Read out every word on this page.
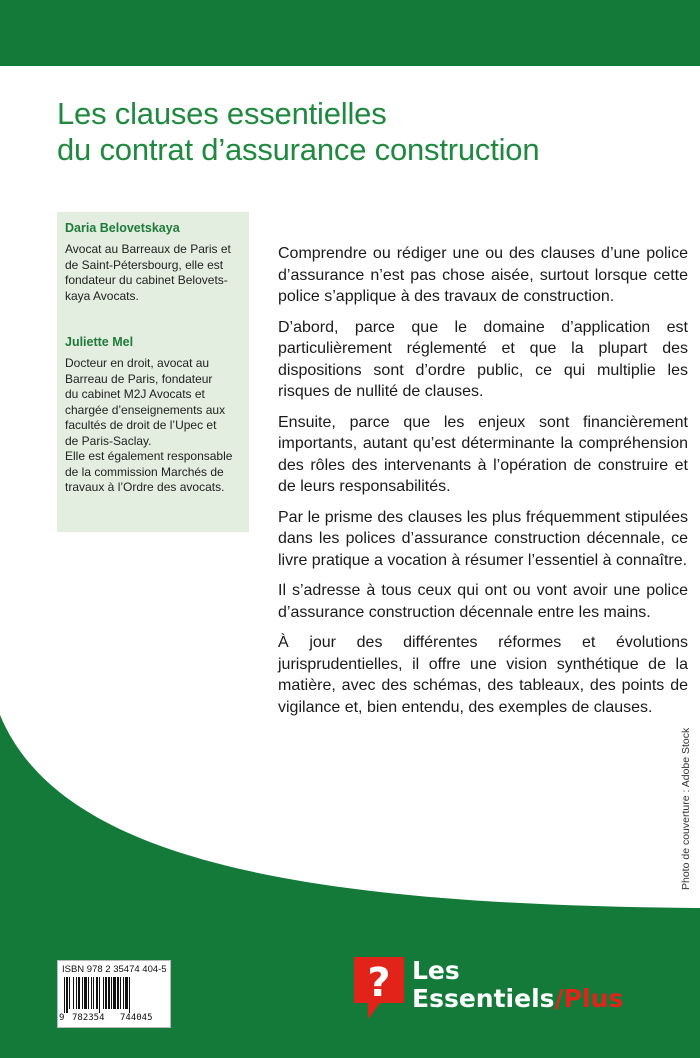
Les clauses essentielles
du contrat d’assurance construction
Daria Belovetskaya
Avocat au Barreaux de Paris et
de Saint-Pétersbourg, elle est
fondateur du cabinet Belovets-
kaya Avocats.
Juliette Mel
Docteur en droit, avocat au
Barreau de Paris, fondateur
du cabinet M2J Avocats et
chargée d’enseignements aux
facultés de droit de l’Upec et
de Paris-Saclay.
Elle est également responsable
de la commission Marchés de
travaux à l’Ordre des avocats.

Comprendre ou rédiger une ou des clauses d’une police d’assurance n’est pas chose aisée, surtout lorsque cette police s’applique à des travaux de construction.

D’abord, parce que le domaine d’application est particulièrement réglementé et que la plupart des dispositions sont d’ordre public, ce qui multiplie les risques de nullité de clauses.

Ensuite, parce que les enjeux sont financièrement importants, autant qu’est déterminante la compréhension des rôles des intervenants à l’opération de construire et de leurs responsabilités.

Par le prisme des clauses les plus fréquemment stipulées dans les polices d’assurance construction décennale, ce livre pratique a vocation à résumer l’essentiel à connaître.

Il s’adresse à tous ceux qui ont ou vont avoir une police d’assurance construction décennale entre les mains.

À jour des différentes réformes et évolutions jurisprudentielles, il offre une vision synthétique de la matière, avec des schémas, des tableaux, des points de vigilance et, bien entendu, des exemples de clauses.

Photo de couverture : Adobe Stock
ISBN 978 2 35474 404-5
9 782354 744045
? Les
Essentiels/Plus
